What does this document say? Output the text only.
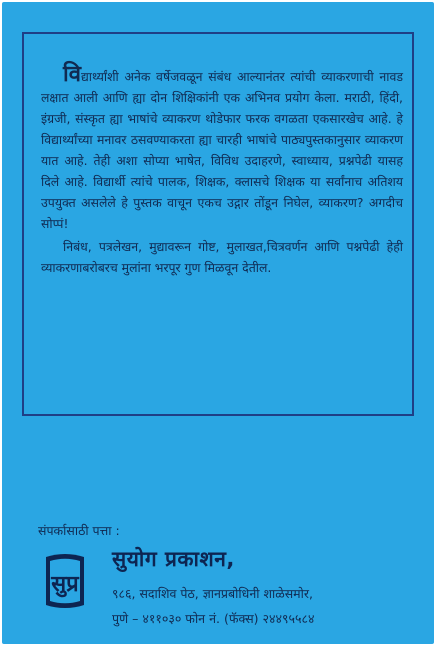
विद्यार्थ्यांशी अनेक वर्षेजवळून संबंध आल्यानंतर त्यांची व्याकरणाची नावड लक्षात आली आणि ह्या दोन शिक्षिकांनी एक अभिनव प्रयोग केला. मराठी, हिंदी, इंग्रजी, संस्कृत ह्या भाषांचे व्याकरण थोडेफार फरक वगळता एकसारखेच आहे. हे विद्यार्थ्यांच्या मनावर ठसवण्याकरता ह्या चारही भाषांचे पाठ्यपुस्तकानुसार व्याकरण यात आहे. तेही अशा सोप्या भाषेत, विविध उदाहरणे, स्वाध्याय, प्रश्नपेढी यासह दिले आहे. विद्यार्थी त्यांचे पालक, शिक्षक, क्लासचे शिक्षक या सर्वांनाच अतिशय उपयुक्त असलेले हे पुस्तक वाचून एकच उद्गार तोंडून निघेल, व्याकरण? अगदीच सोप्पं!

निबंध, पत्रलेखन, मुद्यावरून गोष्ट, मुलाखत,चित्रवर्णन आणि पश्नपेढी हेही व्याकरणाबरोबरच मुलांना भरपूर गुण मिळवून देतील.

संपर्कासाठी पत्ता :
सुप्र
सुयोग प्रकाशन,
९८६, सदाशिव पेठ, ज्ञानप्रबोधिनी शाळेसमोर,
पुणे – ४११०३० फोन नं. (फॅक्स) २४४९५५८४
